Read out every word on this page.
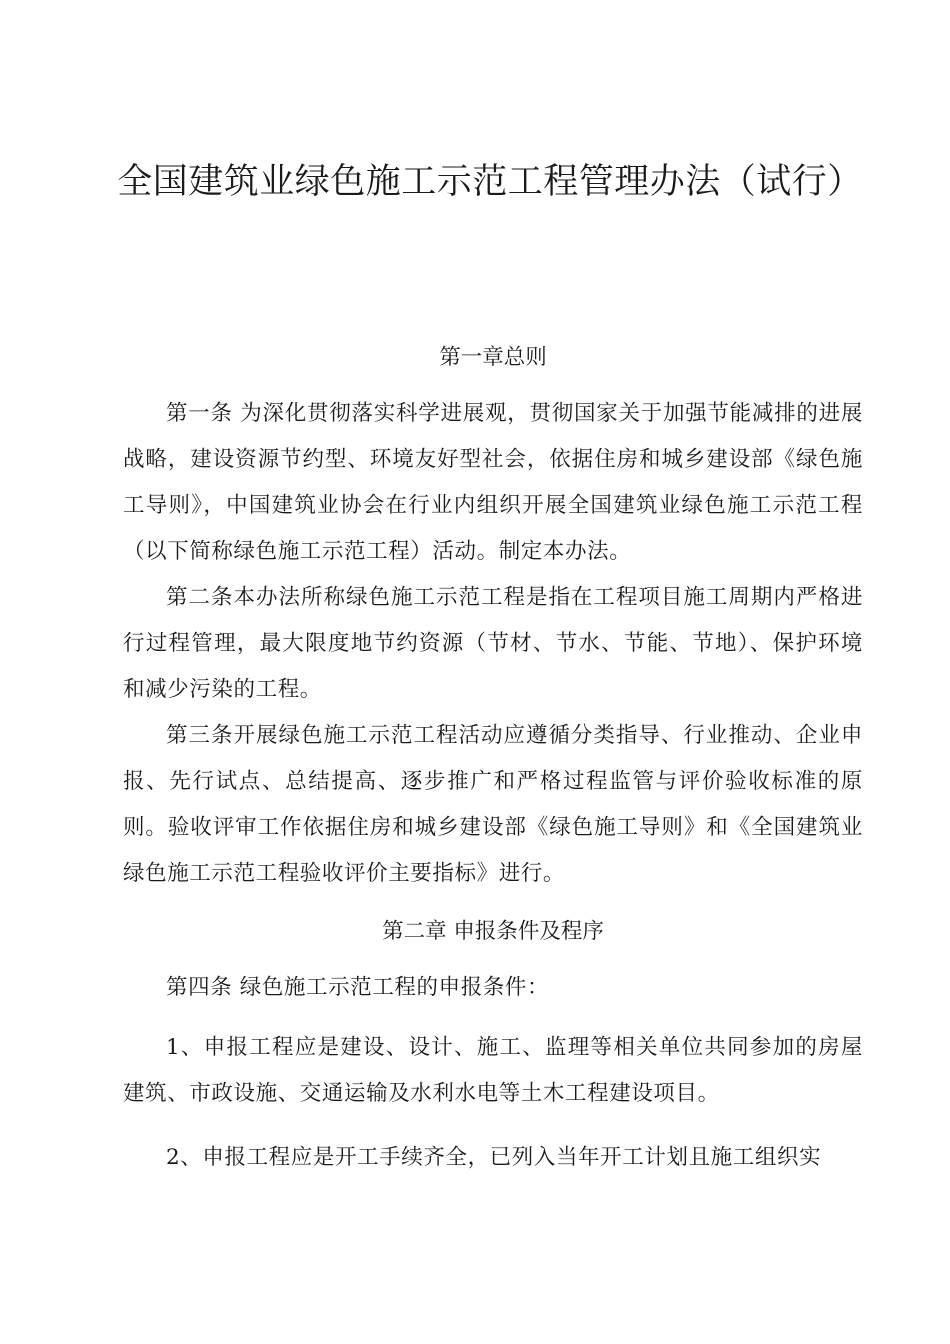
全国建筑业绿色施工示范工程管理办法（试行）

第一章总则

第一条 为深化贯彻落实科学进展观，贯彻国家关于加强节能减排的进展战略，建设资源节约型、环境友好型社会，依据住房和城乡建设部《绿色施工导则》，中国建筑业协会在行业内组织开展全国建筑业绿色施工示范工程（以下简称绿色施工示范工程）活动。制定本办法。

第二条本办法所称绿色施工示范工程是指在工程项目施工周期内严格进行过程管理，最大限度地节约资源（节材、节水、节能、节地）、保护环境和减少污染的工程。

第三条开展绿色施工示范工程活动应遵循分类指导、行业推动、企业申报、先行试点、总结提高、逐步推广和严格过程监管与评价验收标准的原则。验收评审工作依据住房和城乡建设部《绿色施工导则》和《全国建筑业绿色施工示范工程验收评价主要指标》进行。

第二章 申报条件及程序

第四条 绿色施工示范工程的申报条件：

1、申报工程应是建设、设计、施工、监理等相关单位共同参加的房屋建筑、市政设施、交通运输及水利水电等土木工程建设项目。

2、申报工程应是开工手续齐全，已列入当年开工计划且施工组织实
